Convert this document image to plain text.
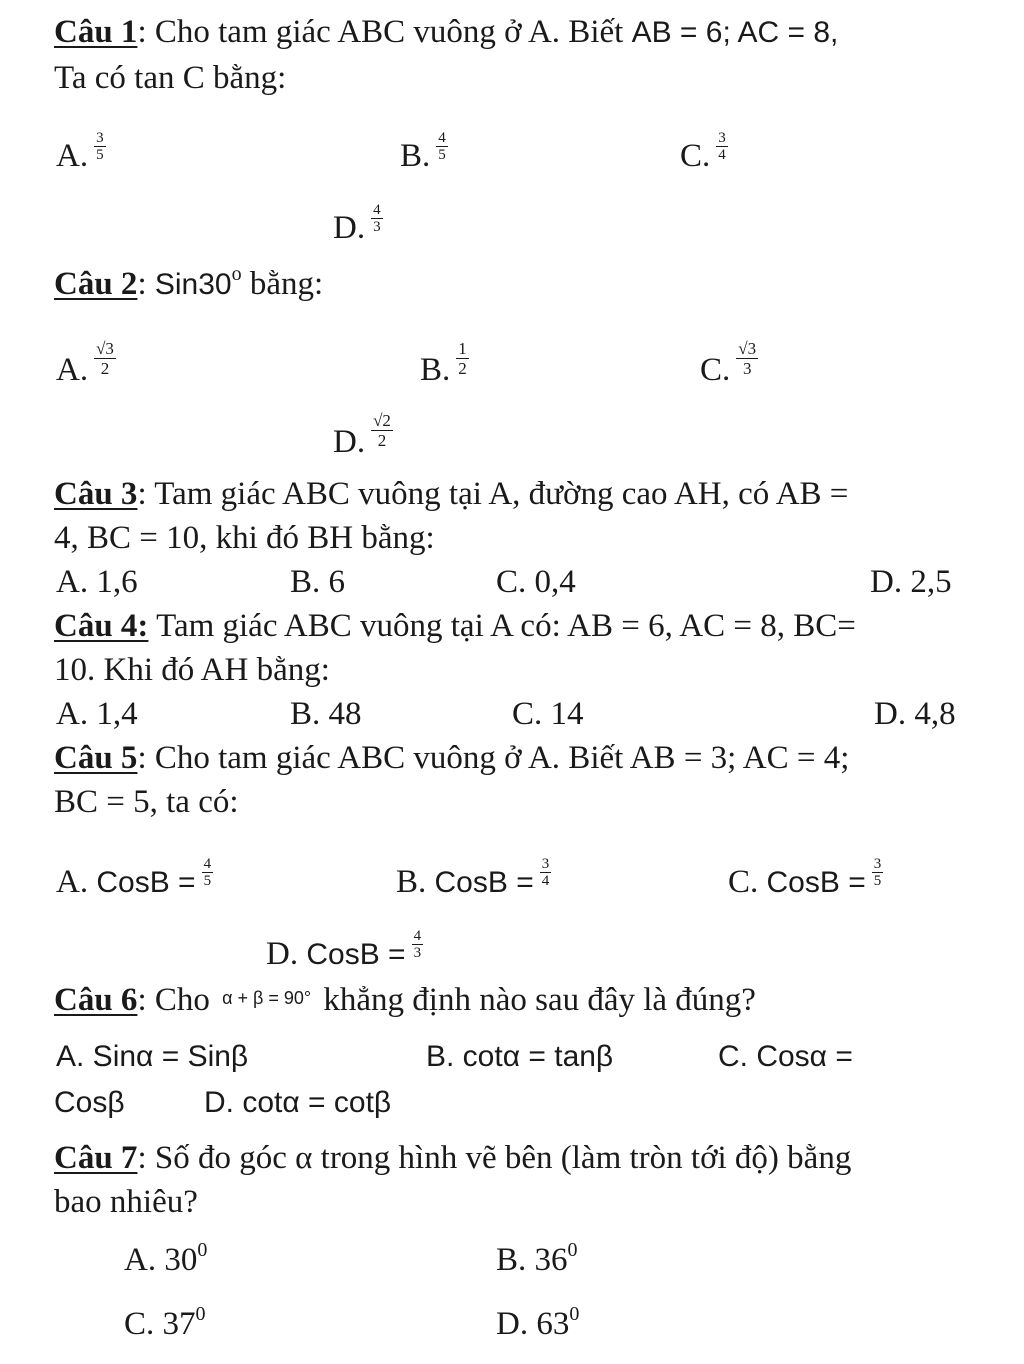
Câu 1: Cho tam giác ABC vuông ở A. Biết AB = 6; AC = 8,
Ta có tan C bằng:
A. $\frac{3}{5}$	B. $\frac{4}{5}$	C. $\frac{3}{4}$
D. $\frac{4}{3}$
Câu 2: Sin30$^o$ bằng:
A. $\frac{√3}{2}$	B. $\frac{1}{2}$	C. $\frac{√3}{3}$
D. $\frac{√2}{2}$
Câu 3: Tam giác ABC vuông tại A, đường cao AH, có AB =
4, BC = 10, khi đó BH bằng:
A. 1,6	B. 6	C. 0,4	D. 2,5
Câu 4: Tam giác ABC vuông tại A có: AB = 6, AC = 8, BC=
10. Khi đó AH bằng:
A. 1,4	B. 48	C. 14	D. 4,8
Câu 5: Cho tam giác ABC vuông ở A. Biết AB = 3; AC = 4;
BC = 5, ta có:
A. CosB = $\frac{4}{5}$	B. CosB = $\frac{3}{4}$	C. CosB = $\frac{3}{5}$
D. CosB = $\frac{4}{3}$
Câu 6: Cho α + β = 90° khẳng định nào sau đây là đúng?
A. Sinα = Sinβ	B. cotα = tanβ	C. Cosα =
Cosβ	D. cotα = cotβ
Câu 7: Số đo góc α trong hình vẽ bên (làm tròn tới độ) bằng
bao nhiêu?
A. $30^0$	B. $36^0$
C. $37^0$	D. $63^0$
